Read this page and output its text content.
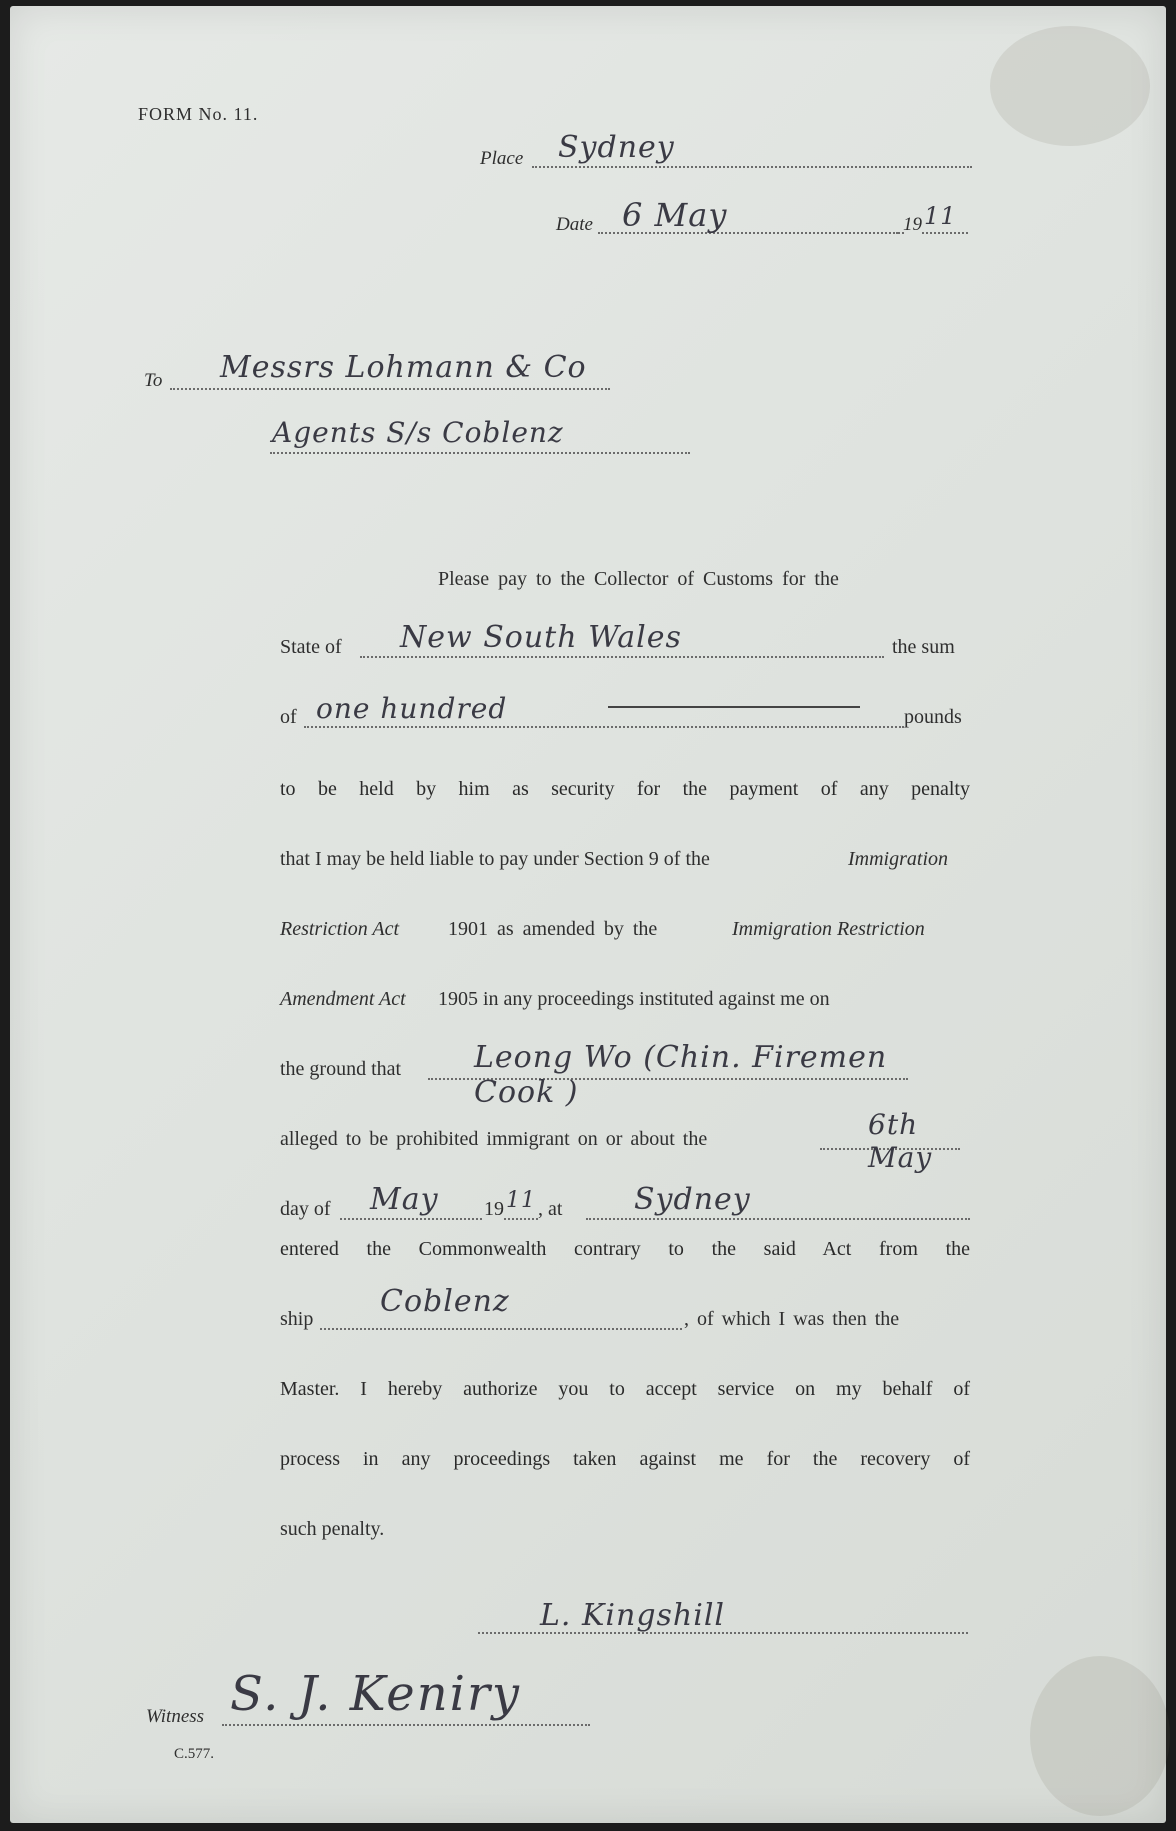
FORM No. 11.
Place Sydney
Date 6 May	19 11
To Messrs Lohmann & Co
Agents S/s Coblenz
Please pay to the Collector of Customs for the
State of New South Wales	the sum
of one hundred	pounds
to be held by him as security for the payment of any penalty
that I may be held liable to pay under Section 9 of the	Immigration
Restriction Act 1901 as amended by the	Immigration Restriction
Amendment Act 1905 in any proceedings instituted against me on
the ground that Leong Wo (Chin. Firemen Cook )
alleged to be prohibited immigrant on or about the	6th May
day of May 19 11 , at Sydney
entered the Commonwealth contrary to the said Act from the
ship Coblenz	, of which I was then the
Master. I hereby authorize you to accept service on my behalf of
process in any proceedings taken against me for the recovery of
such penalty.
L. Kingshill
Witness S. J. Keniry
C.577.
